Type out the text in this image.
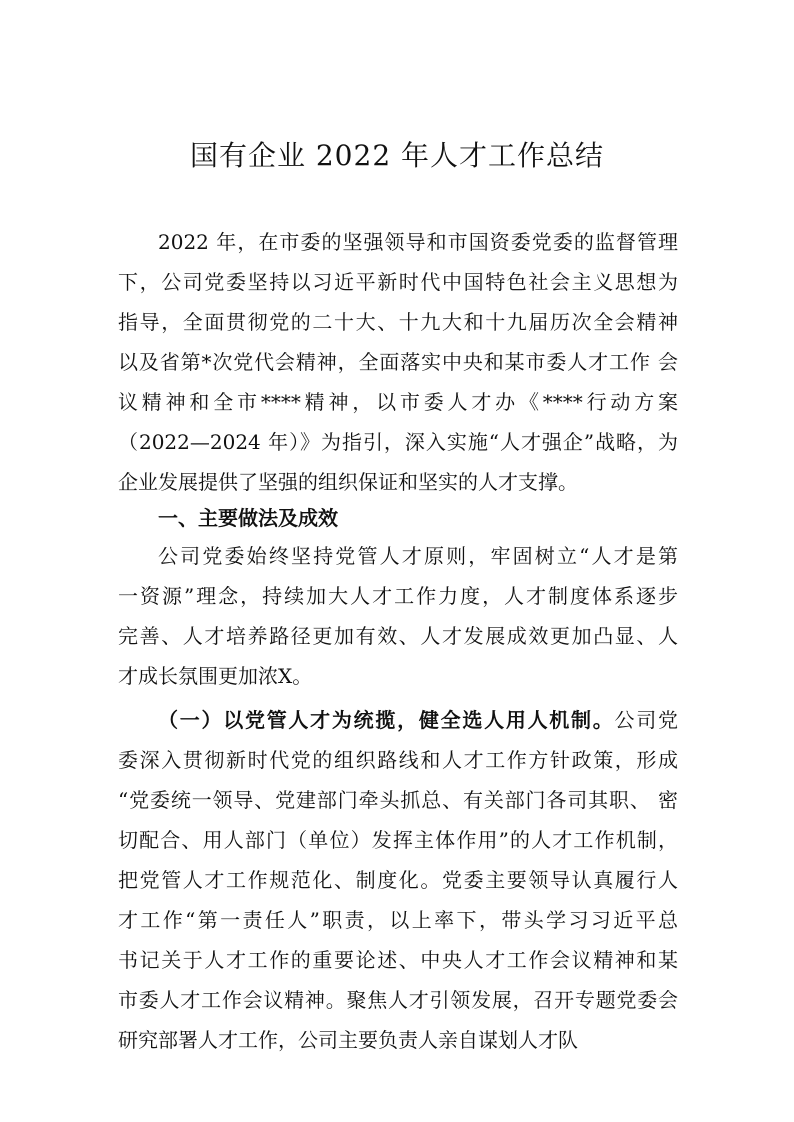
国有企业 2022 年人才工作总结
2022 年，在市委的坚强领导和市国资委党委的监督管理
下，公司党委坚持以习近平新时代中国特色社会主义思想为
指导，全面贯彻党的二十大、十九大和十九届历次全会精神
以及省第*次党代会精神，全面落实中央和某市委人才工作 会
议精神和全市****精神，以市委人才办《****行动方案
（2022—2024 年）》为指引，深入实施“人才强企”战略，为
企业发展提供了坚强的组织保证和坚实的人才支撑。
一、主要做法及成效
公司党委始终坚持党管人才原则，牢固树立“人才是第
一资源”理念，持续加大人才工作力度，人才制度体系逐步
完善、人才培养路径更加有效、人才发展成效更加凸显、人
才成长氛围更加浓X。
（一）以党管人才为统揽，健全选人用人机制。公司党
委深入贯彻新时代党的组织路线和人才工作方针政策，形成
“党委统一领导、党建部门牵头抓总、有关部门各司其职、 密
切配合、用人部门（单位）发挥主体作用”的人才工作机制，
把党管人才工作规范化、制度化。党委主要领导认真履行人
才工作“第一责任人”职责，以上率下，带头学习习近平总
书记关于人才工作的重要论述、中央人才工作会议精神和某
市委人才工作会议精神。聚焦人才引领发展，召开专题党委会
研究部署人才工作，公司主要负责人亲自谋划人才队
